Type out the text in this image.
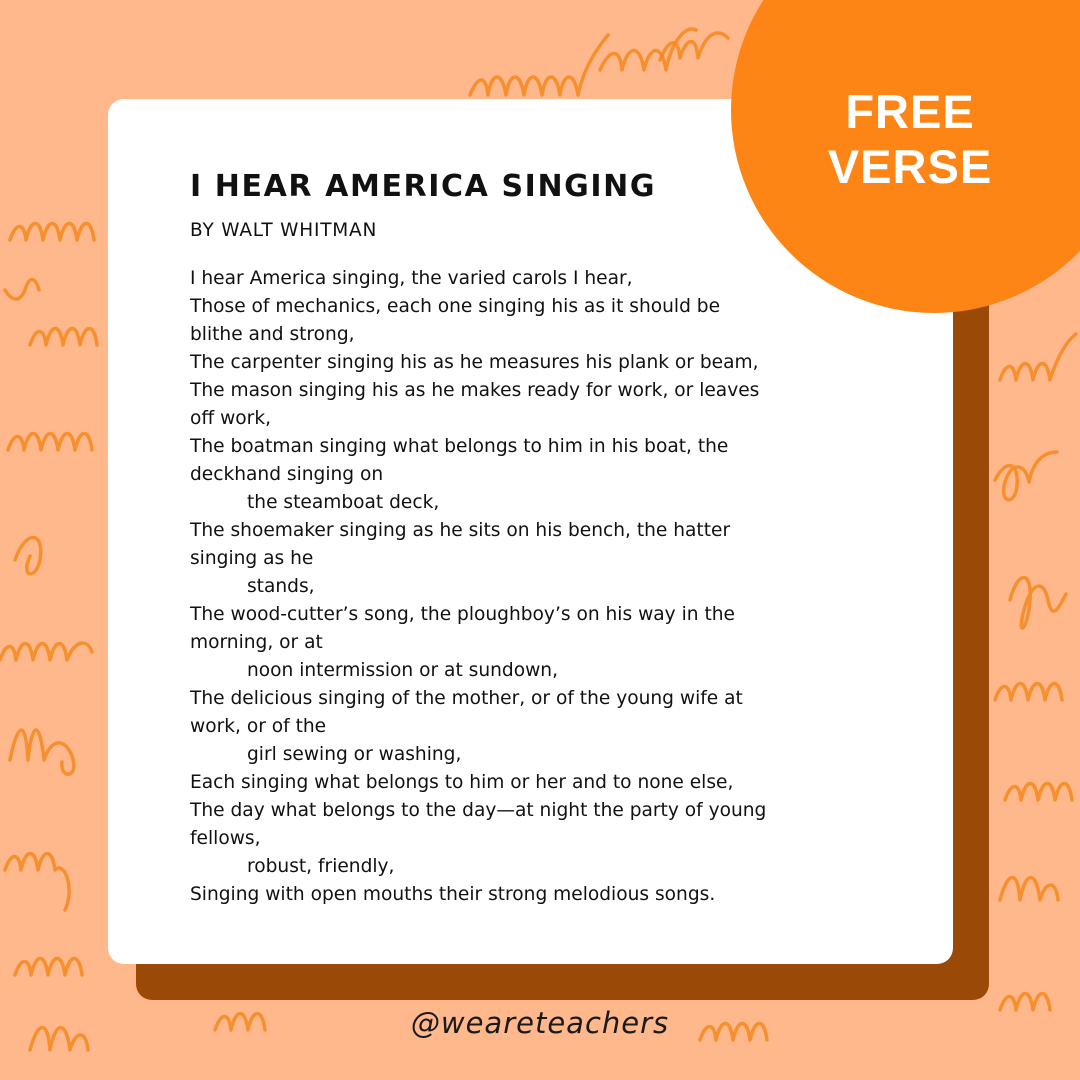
I HEAR AMERICA SINGING
BY WALT WHITMAN
I hear America singing, the varied carols I hear,
Those of mechanics, each one singing his as it should be
blithe and strong,
The carpenter singing his as he measures his plank or beam,
The mason singing his as he makes ready for work, or leaves
off work,
The boatman singing what belongs to him in his boat, the
deckhand singing on
the steamboat deck,
The shoemaker singing as he sits on his bench, the hatter
singing as he
stands,
The wood-cutter’s song, the ploughboy’s on his way in the
morning, or at
noon intermission or at sundown,
The delicious singing of the mother, or of the young wife at
work, or of the
girl sewing or washing,
Each singing what belongs to him or her and to none else,
The day what belongs to the day—at night the party of young
fellows,
robust, friendly,
Singing with open mouths their strong melodious songs.
FREE
VERSE
@weareteachers
